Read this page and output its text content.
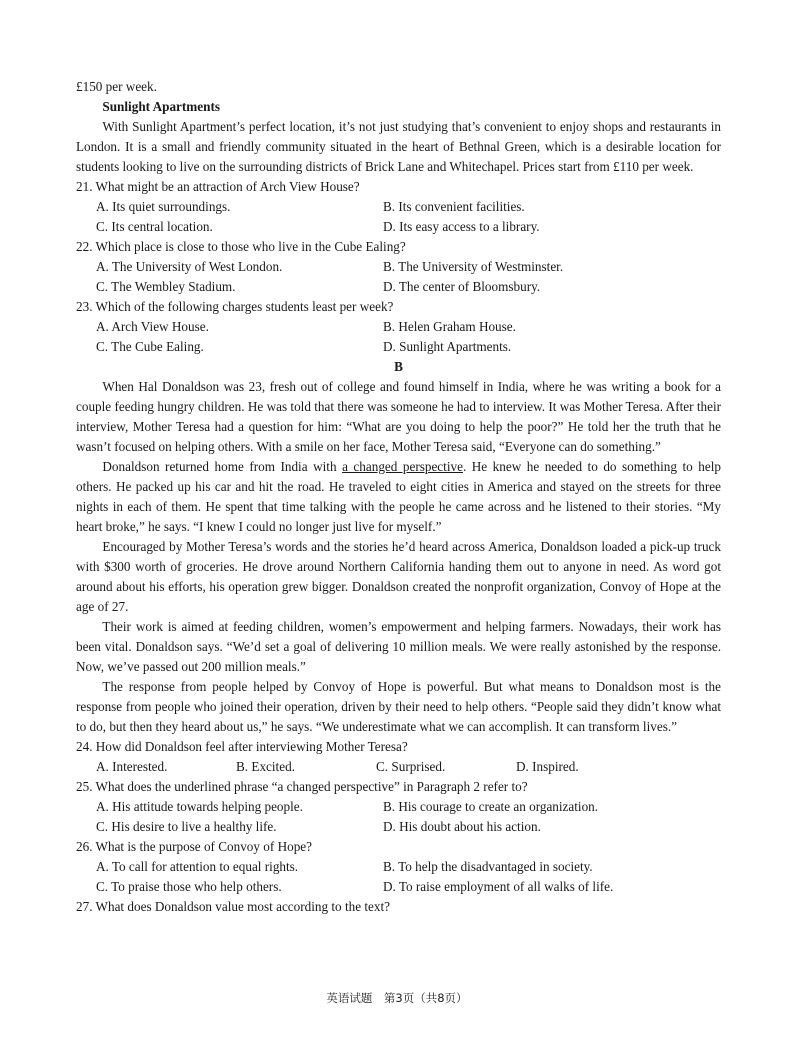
£150 per week.

Sunlight Apartments

With Sunlight Apartment’s perfect location, it’s not just studying that’s convenient to enjoy shops and restaurants in London. It is a small and friendly community situated in the heart of Bethnal Green, which is a desirable location for students looking to live on the surrounding districts of Brick Lane and Whitechapel. Prices start from £110 per week.

21. What might be an attraction of Arch View House?

A. Its quiet surroundings.	B. Its convenient facilities.
C. Its central location.	D. Its easy access to a library.

22. Which place is close to those who live in the Cube Ealing?

A. The University of West London.	B. The University of Westminster.
C. The Wembley Stadium.	D. The center of Bloomsbury.

23. Which of the following charges students least per week?

A. Arch View House.	B. Helen Graham House.
C. The Cube Ealing.	D. Sunlight Apartments.

B

When Hal Donaldson was 23, fresh out of college and found himself in India, where he was writing a book for a couple feeding hungry children. He was told that there was someone he had to interview. It was Mother Teresa. After their interview, Mother Teresa had a question for him: “What are you doing to help the poor?” He told her the truth that he wasn’t focused on helping others. With a smile on her face, Mother Teresa said, “Everyone can do something.”

Donaldson returned home from India with a changed perspective. He knew he needed to do something to help others. He packed up his car and hit the road. He traveled to eight cities in America and stayed on the streets for three nights in each of them. He spent that time talking with the people he came across and he listened to their stories. “My heart broke,” he says. “I knew I could no longer just live for myself.”

Encouraged by Mother Teresa’s words and the stories he’d heard across America, Donaldson loaded a pick-up truck with $300 worth of groceries. He drove around Northern California handing them out to anyone in need. As word got around about his efforts, his operation grew bigger. Donaldson created the nonprofit organization, Convoy of Hope at the age of 27.

Their work is aimed at feeding children, women’s empowerment and helping farmers. Nowadays, their work has been vital. Donaldson says. “We’d set a goal of delivering 10 million meals. We were really astonished by the response. Now, we’ve passed out 200 million meals.”

The response from people helped by Convoy of Hope is powerful. But what means to Donaldson most is the response from people who joined their operation, driven by their need to help others. “People said they didn’t know what to do, but then they heard about us,” he says. “We underestimate what we can accomplish. It can transform lives.”

24. How did Donaldson feel after interviewing Mother Teresa?

A. Interested.	B. Excited.	C. Surprised.	D. Inspired.

25. What does the underlined phrase “a changed perspective” in Paragraph 2 refer to?

A. His attitude towards helping people.	B. His courage to create an organization.
C. His desire to live a healthy life.	D. His doubt about his action.

26. What is the purpose of Convoy of Hope?

A. To call for attention to equal rights.	B. To help the disadvantaged in society.
C. To praise those who help others.	D. To raise employment of all walks of life.

27. What does Donaldson value most according to the text?

英语试题　第3页（共8页）
